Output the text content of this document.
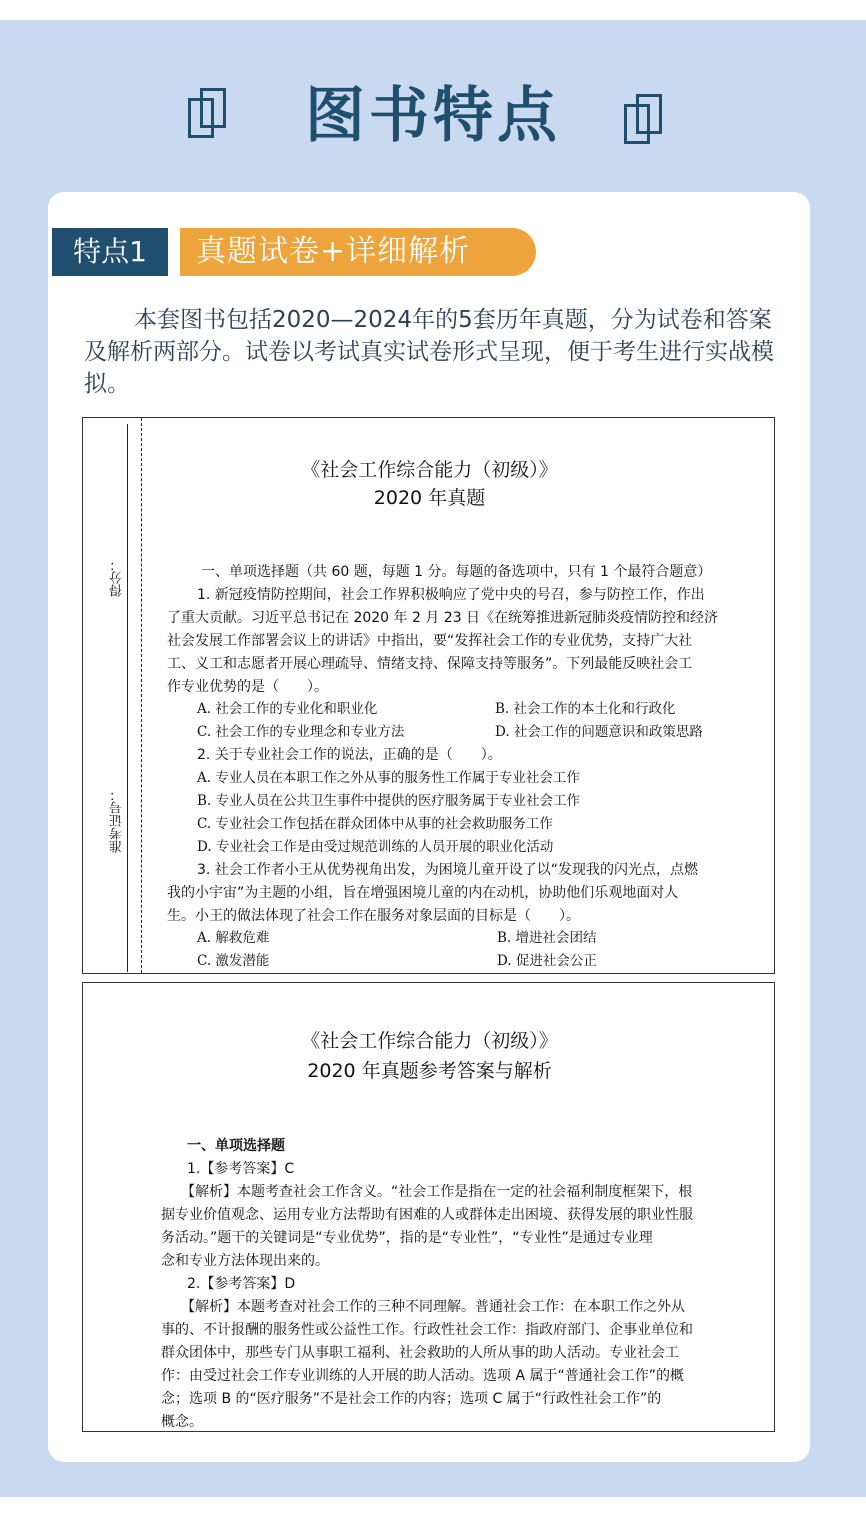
图书特点
特点1	真题试卷+详细解析

本套图书包括2020—2024年的5套历年真题，分为试卷和答案及解析两部分。试卷以考试真实试卷形式呈现，便于考生进行实战模拟。

得分：
准考证号：
《社会工作综合能力（初级）》
2020 年真题

一、单项选择题（共 60 题，每题 1 分。每题的备选项中，只有 1 个最符合题意）

1. 新冠疫情防控期间，社会工作界积极响应了党中央的号召，参与防控工作，作出

了重大贡献。习近平总书记在 2020 年 2 月 23 日《在统筹推进新冠肺炎疫情防控和经济

社会发展工作部署会议上的讲话》中指出，要“发挥社会工作的专业优势，支持广大社

工、义工和志愿者开展心理疏导、情绪支持、保障支持等服务”。下列最能反映社会工

作专业优势的是（　　）。

A. 社会工作的专业化和职业化	B. 社会工作的本土化和行政化
C. 社会工作的专业理念和专业方法	D. 社会工作的问题意识和政策思路

2. 关于专业社会工作的说法，正确的是（　　）。

A. 专业人员在本职工作之外从事的服务性工作属于专业社会工作
B. 专业人员在公共卫生事件中提供的医疗服务属于专业社会工作
C. 专业社会工作包括在群众团体中从事的社会救助服务工作
D. 专业社会工作是由受过规范训练的人员开展的职业化活动

3. 社会工作者小王从优势视角出发，为困境儿童开设了以“发现我的闪光点，点燃

我的小宇宙”为主题的小组，旨在增强困境儿童的内在动机，协助他们乐观地面对人

生。小王的做法体现了社会工作在服务对象层面的目标是（　　）。

A. 解救危难	B. 增进社会团结
C. 激发潜能	D. 促进社会公正
《社会工作综合能力（初级）》
2020 年真题参考答案与解析

一、单项选择题

1.【参考答案】C

【解析】本题考查社会工作含义。“社会工作是指在一定的社会福利制度框架下，根

据专业价值观念、运用专业方法帮助有困难的人或群体走出困境、获得发展的职业性服

务活动。”题干的关键词是“专业优势”，指的是“专业性”，“专业性”是通过专业理

念和专业方法体现出来的。

2.【参考答案】D

【解析】本题考查对社会工作的三种不同理解。普通社会工作：在本职工作之外从

事的、不计报酬的服务性或公益性工作。行政性社会工作：指政府部门、企事业单位和

群众团体中，那些专门从事职工福利、社会救助的人所从事的助人活动。专业社会工

作：由受过社会工作专业训练的人开展的助人活动。选项 A 属于“普通社会工作”的概

念；选项 B 的“医疗服务”不是社会工作的内容；选项 C 属于“行政性社会工作”的

概念。
